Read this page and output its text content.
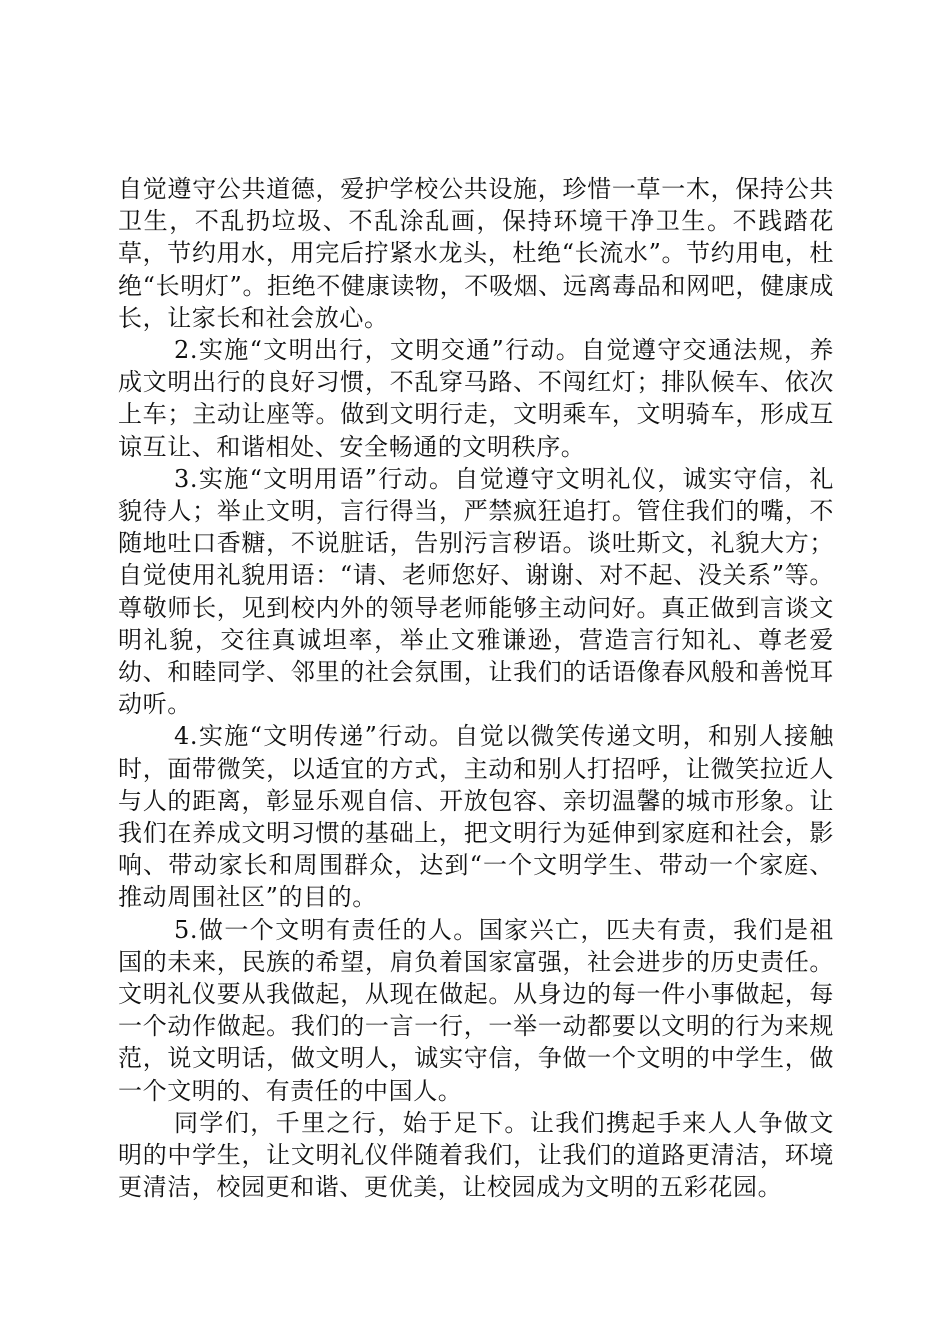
自觉遵守公共道德，爱护学校公共设施，珍惜一草一木，保持公共卫生，不乱扔垃圾、不乱涂乱画，保持环境干净卫生。不践踏花草，节约用水，用完后拧紧水龙头，杜绝“长流水”。节约用电，杜绝“长明灯”。拒绝不健康读物，不吸烟、远离毒品和网吧，健康成长，让家长和社会放心。

2.实施“文明出行，文明交通”行动。自觉遵守交通法规，养成文明出行的良好习惯，不乱穿马路、不闯红灯；排队候车、依次上车；主动让座等。做到文明行走，文明乘车，文明骑车，形成互谅互让、和谐相处、安全畅通的文明秩序。

3.实施“文明用语”行动。自觉遵守文明礼仪，诚实守信，礼貌待人；举止文明，言行得当，严禁疯狂追打。管住我们的嘴，不随地吐口香糖，不说脏话，告别污言秽语。谈吐斯文，礼貌大方；自觉使用礼貌用语：“请、老师您好、谢谢、对不起、没关系”等。尊敬师长，见到校内外的领导老师能够主动问好。真正做到言谈文明礼貌，交往真诚坦率，举止文雅谦逊，营造言行知礼、尊老爱幼、和睦同学、邻里的社会氛围，让我们的话语像春风般和善悦耳动听。

4.实施“文明传递”行动。自觉以微笑传递文明，和别人接触时，面带微笑，以适宜的方式，主动和别人打招呼，让微笑拉近人与人的距离，彰显乐观自信、开放包容、亲切温馨的城市形象。让我们在养成文明习惯的基础上，把文明行为延伸到家庭和社会，影响、带动家长和周围群众，达到“一个文明学生、带动一个家庭、推动周围社区”的目的。

5.做一个文明有责任的人。国家兴亡，匹夫有责，我们是祖国的未来，民族的希望，肩负着国家富强，社会进步的历史责任。文明礼仪要从我做起，从现在做起。从身边的每一件小事做起，每一个动作做起。我们的一言一行，一举一动都要以文明的行为来规范，说文明话，做文明人，诚实守信，争做一个文明的中学生，做一个文明的、有责任的中国人。

同学们，千里之行，始于足下。让我们携起手来人人争做文明的中学生，让文明礼仪伴随着我们，让我们的道路更清洁，环境更清洁，校园更和谐、更优美，让校园成为文明的五彩花园。
